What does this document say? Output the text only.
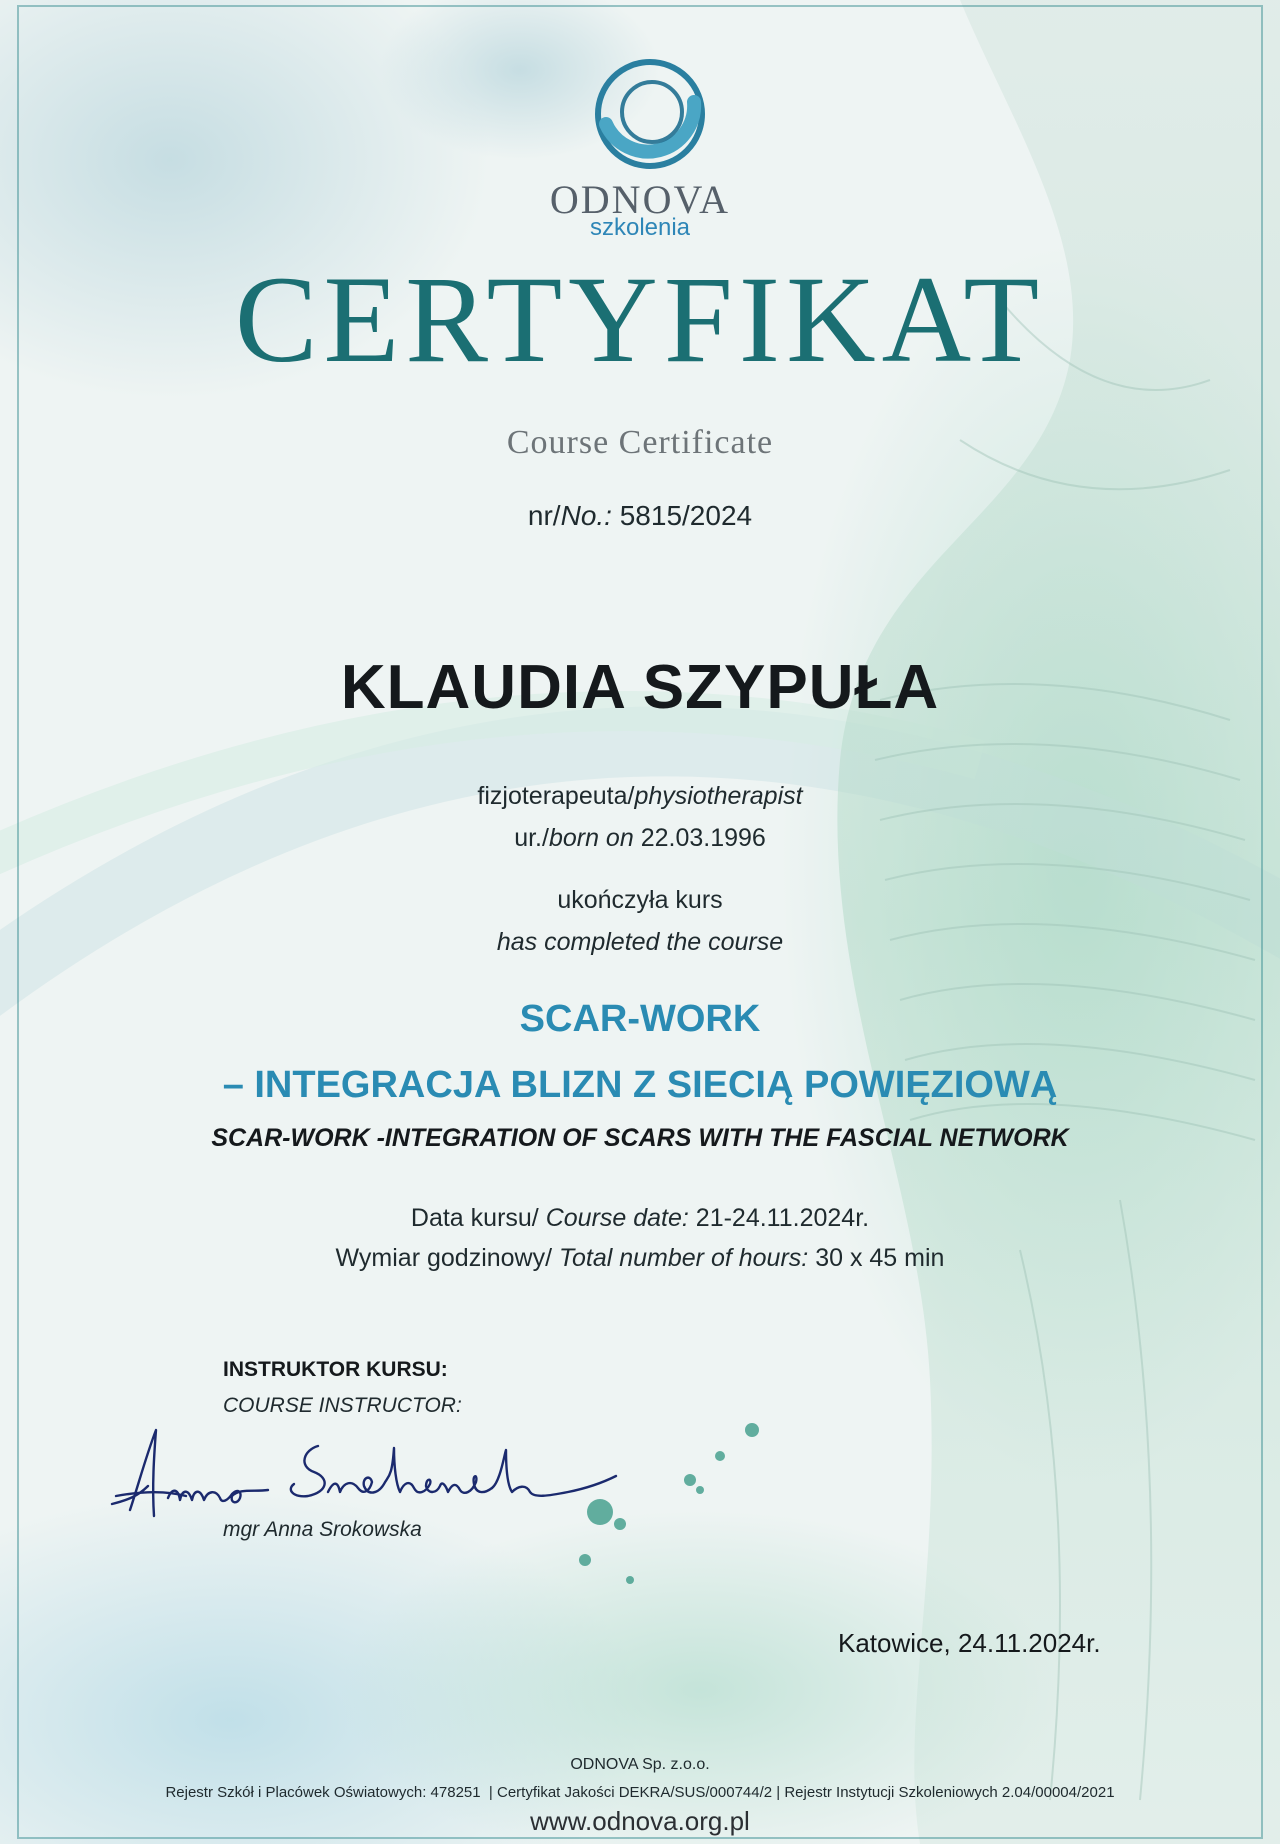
ODNOVA
szkolenia
CERTYFIKAT
Course Certificate
nr/No.: 5815/2024
KLAUDIA SZYPUŁA
fizjoterapeuta/physiotherapist
ur./born on 22.03.1996
ukończyła kurs
has completed the course
SCAR-WORK
– INTEGRACJA BLIZN Z SIECIĄ POWIĘZIOWĄ
SCAR-WORK -INTEGRATION OF SCARS WITH THE FASCIAL NETWORK
Data kursu/ Course date: 21-24.11.2024r.
Wymiar godzinowy/ Total number of hours: 30 x 45 min
INSTRUKTOR KURSU:
COURSE INSTRUCTOR:
mgr Anna Srokowska
Katowice, 24.11.2024r.
ODNOVA Sp. z.o.o.
Rejestr Szkół i Placówek Oświatowych: 478251  | Certyfikat Jakości DEKRA/SUS/000744/2 | Rejestr Instytucji Szkoleniowych 2.04/00004/2021
www.odnova.org.pl
